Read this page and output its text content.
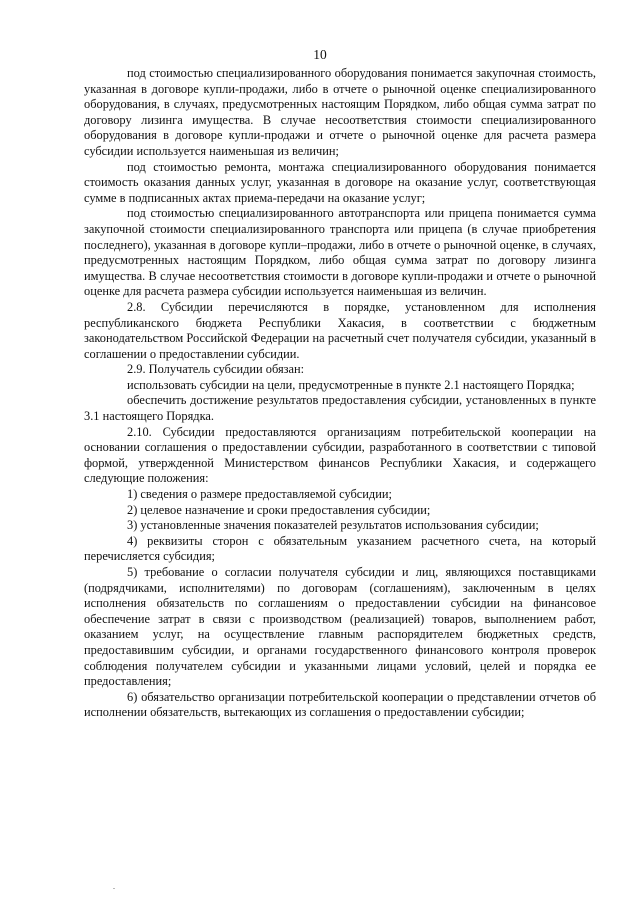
10

под стоимостью специализированного оборудования понимается закупочная стоимость, указанная в договоре купли-продажи, либо в отчете о рыночной оценке специализированного оборудования, в случаях, предусмотренных настоящим Порядком, либо общая сумма затрат по договору лизинга имущества. В случае несоответствия стоимости специализированного оборудования в договоре купли-продажи и отчете о рыночной оценке для расчета размера субсидии используется наименьшая из величин;

под стоимостью ремонта, монтажа специализированного оборудования понимается стоимость оказания данных услуг, указанная в договоре на оказание услуг, соответствующая сумме в подписанных актах приема-передачи на оказание услуг;

под стоимостью специализированного автотранспорта или прицепа понимается сумма закупочной стоимости специализированного транспорта или прицепа (в случае приобретения последнего), указанная в договоре купли–продажи, либо в отчете о рыночной оценке, в случаях, предусмотренных настоящим Порядком, либо общая сумма затрат по договору лизинга имущества. В случае несоответствия стоимости в договоре купли-продажи и отчете о рыночной оценке для расчета размера субсидии используется наименьшая из величин.

2.8. Субсидии перечисляются в порядке, установленном для исполнения республиканского бюджета Республики Хакасия, в соответствии с бюджетным законодательством Российской Федерации на расчетный счет получателя субсидии, указанный в соглашении о предоставлении субсидии.

2.9. Получатель субсидии обязан:

использовать субсидии на цели, предусмотренные в пункте 2.1 настоящего Порядка;

обеспечить достижение результатов предоставления субсидии, установленных в пункте 3.1 настоящего Порядка.

2.10. Субсидии предоставляются организациям потребительской кооперации на основании соглашения о предоставлении субсидии, разработанного в соответствии с типовой формой, утвержденной Министерством финансов Республики Хакасия, и содержащего следующие положения:

1) сведения о размере предоставляемой субсидии;

2) целевое назначение и сроки предоставления субсидии;

3) установленные значения показателей результатов использования субсидии;

4) реквизиты сторон с обязательным указанием расчетного счета, на который перечисляется субсидия;

5) требование о согласии получателя субсидии и лиц, являющихся поставщиками (подрядчиками, исполнителями) по договорам (соглашениям), заключенным в целях исполнения обязательств по соглашениям о предоставлении субсидии на финансовое обеспечение затрат в связи с производством (реализацией) товаров, выполнением работ, оказанием услуг, на осуществление главным распорядителем бюджетных средств, предоставившим субсидии, и органами государственного финансового контроля проверок соблюдения получателем субсидии и указанными лицами условий, целей и порядка ее предоставления;

6) обязательство организации потребительской кооперации о представлении отчетов об исполнении обязательств, вытекающих из соглашения о предоставлении субсидии;
